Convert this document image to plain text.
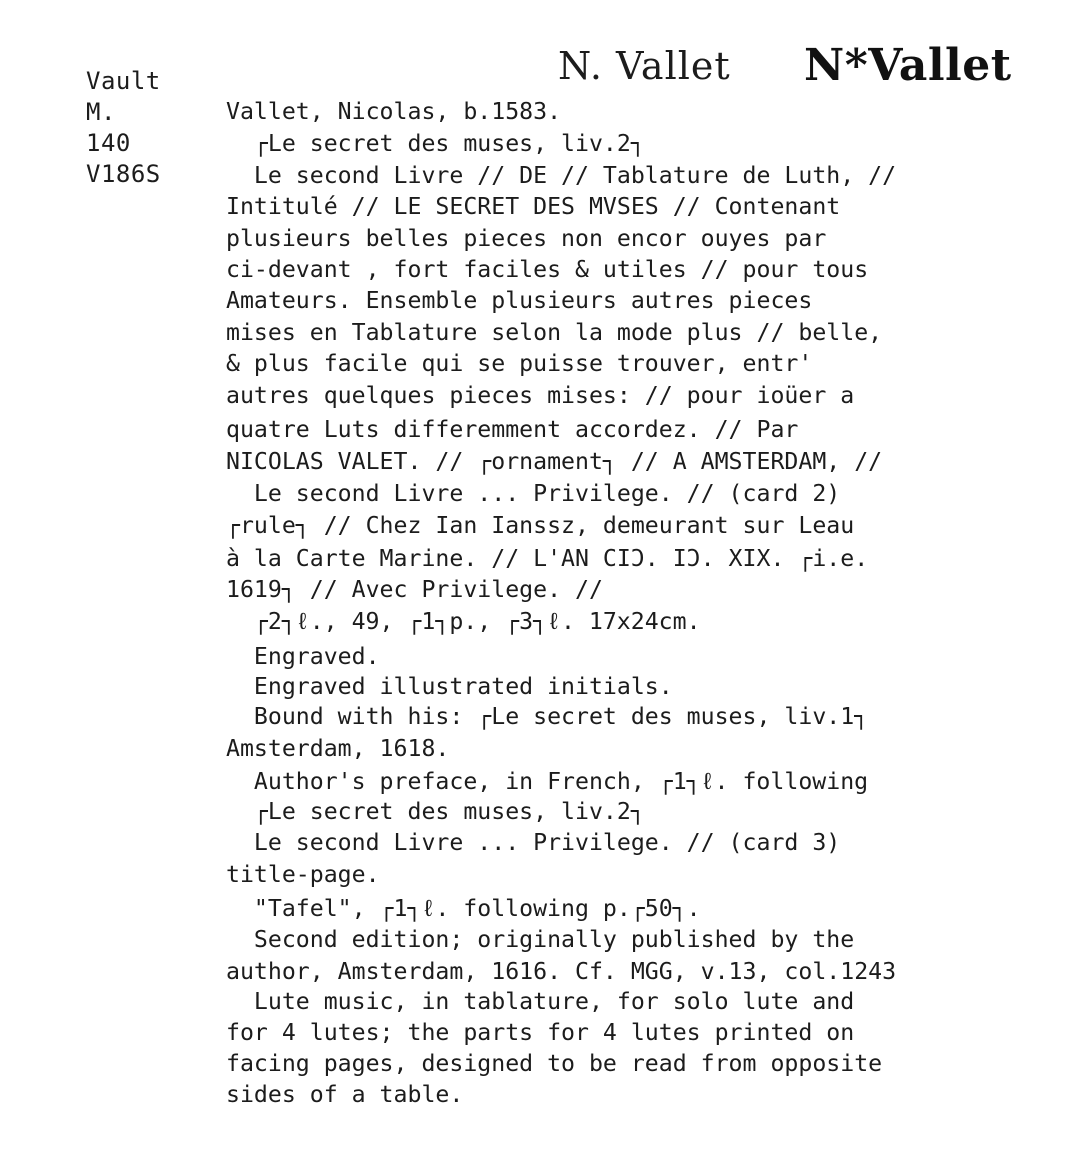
N. Vallet N*Vallet
Vault
M.
140
V186S
Vallet, Nicolas, b.1583.
┌Le secret des muses, liv.2┐
Le second Livre // DE // Tablature de Luth, //
Intitulé // LE SECRET DES MVSES // Contenant
plusieurs belles pieces non encor ouyes par
ci-devant , fort faciles & utiles // pour tous
Amateurs. Ensemble plusieurs autres pieces
mises en Tablature selon la mode plus // belle,
& plus facile qui se puisse trouver, entr'
autres quelques pieces mises: // pour ioüer a
quatre Luts differemment accordez. // Par
NICOLAS VALET. // ┌ornament┐ // A AMSTERDAM, //
Le second Livre ... Privilege. // (card 2)
┌rule┐ // Chez Ian Ianssz, demeurant sur Leau
à la Carte Marine. // L'AN CIƆ. IƆ. XIX. ┌i.e.
1619┐ // Avec Privilege. //
┌2┐ℓ., 49, ┌1┐p., ┌3┐ℓ. 17x24cm.
Engraved.
Engraved illustrated initials.
Bound with his: ┌Le secret des muses, liv.1┐
Amsterdam, 1618.
Author's preface, in French, ┌1┐ℓ. following
┌Le secret des muses, liv.2┐
Le second Livre ... Privilege. // (card 3)
title-page.
"Tafel", ┌1┐ℓ. following p.┌50┐.
Second edition; originally published by the
author, Amsterdam, 1616. Cf. MGG, v.13, col.1243
Lute music, in tablature, for solo lute and
for 4 lutes; the parts for 4 lutes printed on
facing pages, designed to be read from opposite
sides of a table.
